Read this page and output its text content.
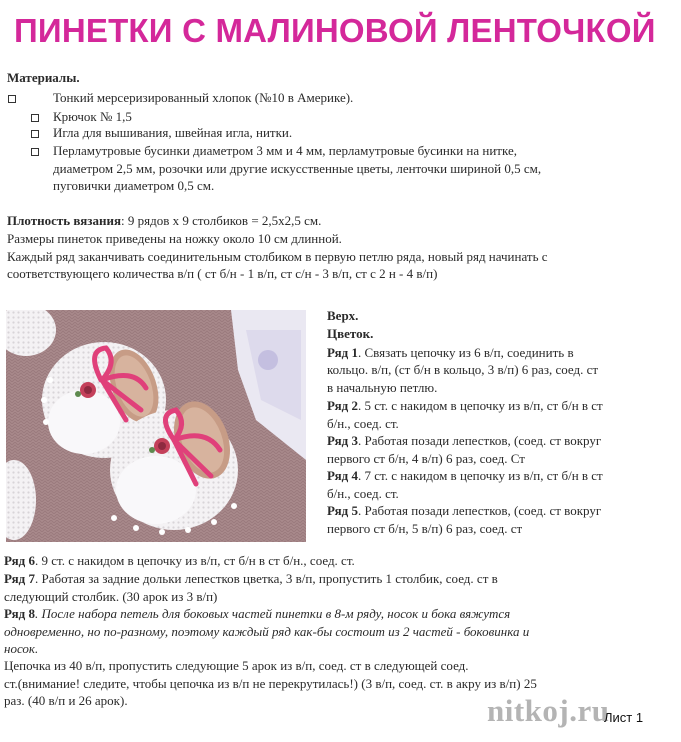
ПИНЕТКИ С МАЛИНОВОЙ ЛЕНТОЧКОЙ
Материалы.
Тонкий мерсеризированный хлопок (№10 в Америке).
Крючок № 1,5
Игла для вышивания, швейная игла, нитки.
Перламутровые бусинки диаметром 3 мм и 4 мм, перламутровые бусинки на нитке,
диаметром 2,5 мм, розочки или другие искусственные цветы, ленточки шириной 0,5 см,
пуговички диаметром 0,5 см.
Плотность вязания: 9 рядов х 9 столбиков = 2,5х2,5 см.
Размеры пинеток приведены на ножку около 10 см длинной.
Каждый ряд заканчивать соединительным столбиком в первую петлю ряда, новый ряд начинать с
соответствующего количества в/п ( ст б/н - 1 в/п, ст с/н - 3 в/п, ст с 2 н - 4 в/п)
Верх.
Цветок.
Ряд 1. Связать цепочку из 6 в/п, соединить в
кольцо. в/п, (ст б/н в кольцо, 3 в/п) 6 раз, соед. ст
в начальную петлю.
Ряд 2. 5 ст. с накидом в цепочку из в/п, ст б/н в ст
б/н., соед. ст.
Ряд 3. Работая позади лепестков, (соед. ст вокруг
первого ст б/н, 4 в/п) 6 раз, соед. Ст
Ряд 4. 7 ст. с накидом в цепочку из в/п, ст б/н в ст
б/н., соед. ст.
Ряд 5. Работая позади лепестков, (соед. ст вокруг
первого ст б/н, 5 в/п) 6 раз, соед. ст
Ряд 6. 9 ст. с накидом в цепочку из в/п, ст б/н в ст б/н., соед. ст.
Ряд 7. Работая за задние дольки лепестков цветка, 3 в/п, пропустить 1 столбик, соед. ст в
следующий столбик. (30 арок из 3 в/п)
Ряд 8. После набора петель для боковых частей пинетки в 8-м ряду, носок и бока вяжутся
одновременно, но по-разному, поэтому каждый ряд как-бы состоит из 2 частей - боковинка и
носок.
Цепочка из 40 в/п, пропустить следующие 5 арок из в/п, соед. ст в следующей соед.
ст.(внимание! следите, чтобы цепочка из в/п не перекрутилась!) (3 в/п, соед. ст. в акру из в/п) 25
раз. (40 в/п и 26 арок).	nitkoj.ru
Лист 1
